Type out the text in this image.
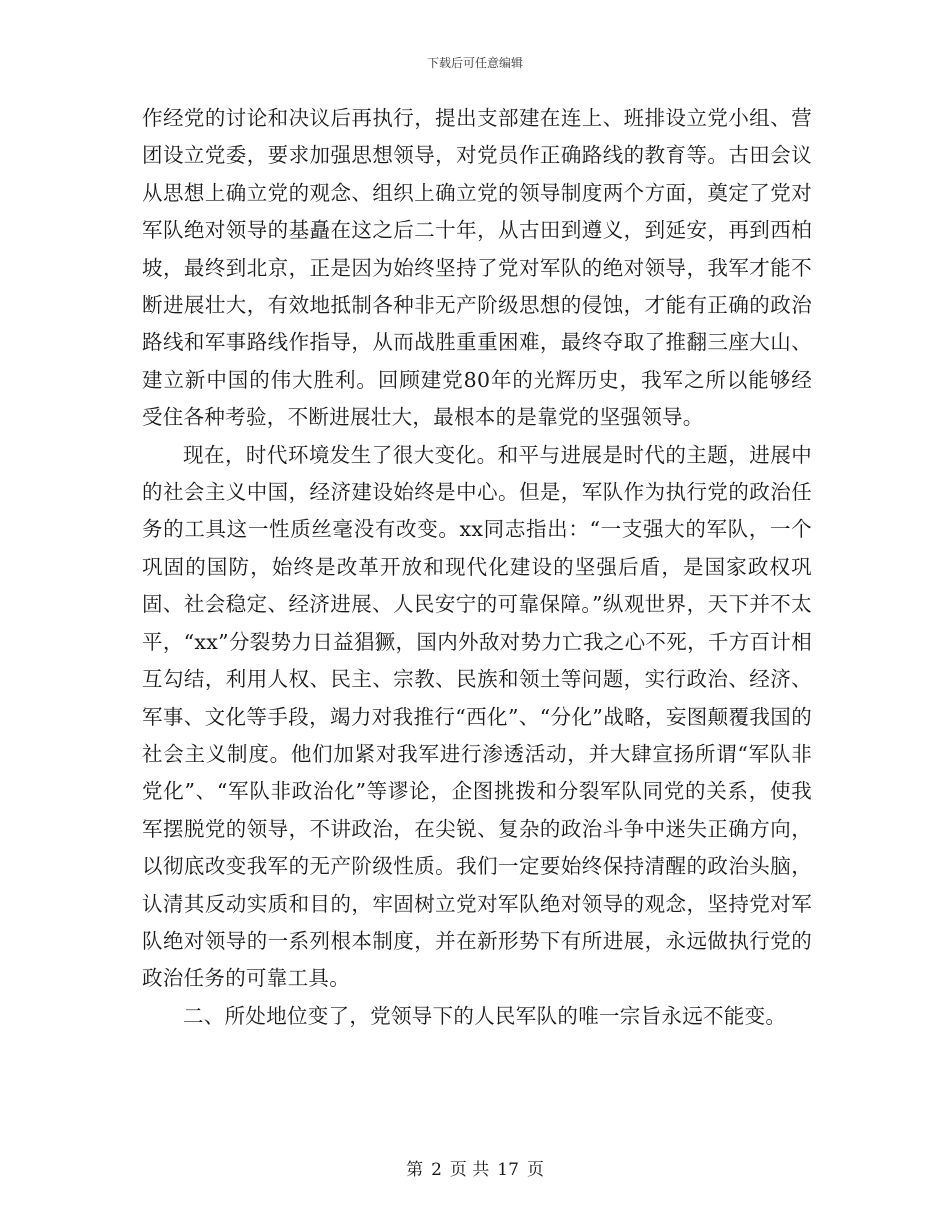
下载后可任意编辑

作经党的讨论和决议后再执行，提出支部建在连上、班排设立党小组、营团设立党委，要求加强思想领导，对党员作正确路线的教育等。古田会议从思想上确立党的观念、组织上确立党的领导制度两个方面，奠定了党对军队绝对领导的基矗在这之后二十年，从古田到遵义，到延安，再到西柏坡，最终到北京，正是因为始终坚持了党对军队的绝对领导，我军才能不断进展壮大，有效地抵制各种非无产阶级思想的侵蚀，才能有正确的政治路线和军事路线作指导，从而战胜重重困难，最终夺取了推翻三座大山、建立新中国的伟大胜利。回顾建党80年的光辉历史，我军之所以能够经受住各种考验，不断进展壮大，最根本的是靠党的坚强领导。

现在，时代环境发生了很大变化。和平与进展是时代的主题，进展中的社会主义中国，经济建设始终是中心。但是，军队作为执行党的政治任务的工具这一性质丝毫没有改变。xx同志指出：“一支强大的军队，一个巩固的国防，始终是改革开放和现代化建设的坚强后盾，是国家政权巩固、社会稳定、经济进展、人民安宁的可靠保障。”纵观世界，天下并不太平，“xx”分裂势力日益猖獗，国内外敌对势力亡我之心不死，千方百计相互勾结，利用人权、民主、宗教、民族和领土等问题，实行政治、经济、军事、文化等手段，竭力对我推行“西化”、“分化”战略，妄图颠覆我国的社会主义制度。他们加紧对我军进行渗透活动，并大肆宣扬所谓“军队非党化”、“军队非政治化”等谬论，企图挑拨和分裂军队同党的关系，使我军摆脱党的领导，不讲政治，在尖锐、复杂的政治斗争中迷失正确方向，以彻底改变我军的无产阶级性质。我们一定要始终保持清醒的政治头脑，认清其反动实质和目的，牢固树立党对军队绝对领导的观念，坚持党对军队绝对领导的一系列根本制度，并在新形势下有所进展，永远做执行党的政治任务的可靠工具。

二、所处地位变了，党领导下的人民军队的唯一宗旨永远不能变。

第 2 页 共 17 页
